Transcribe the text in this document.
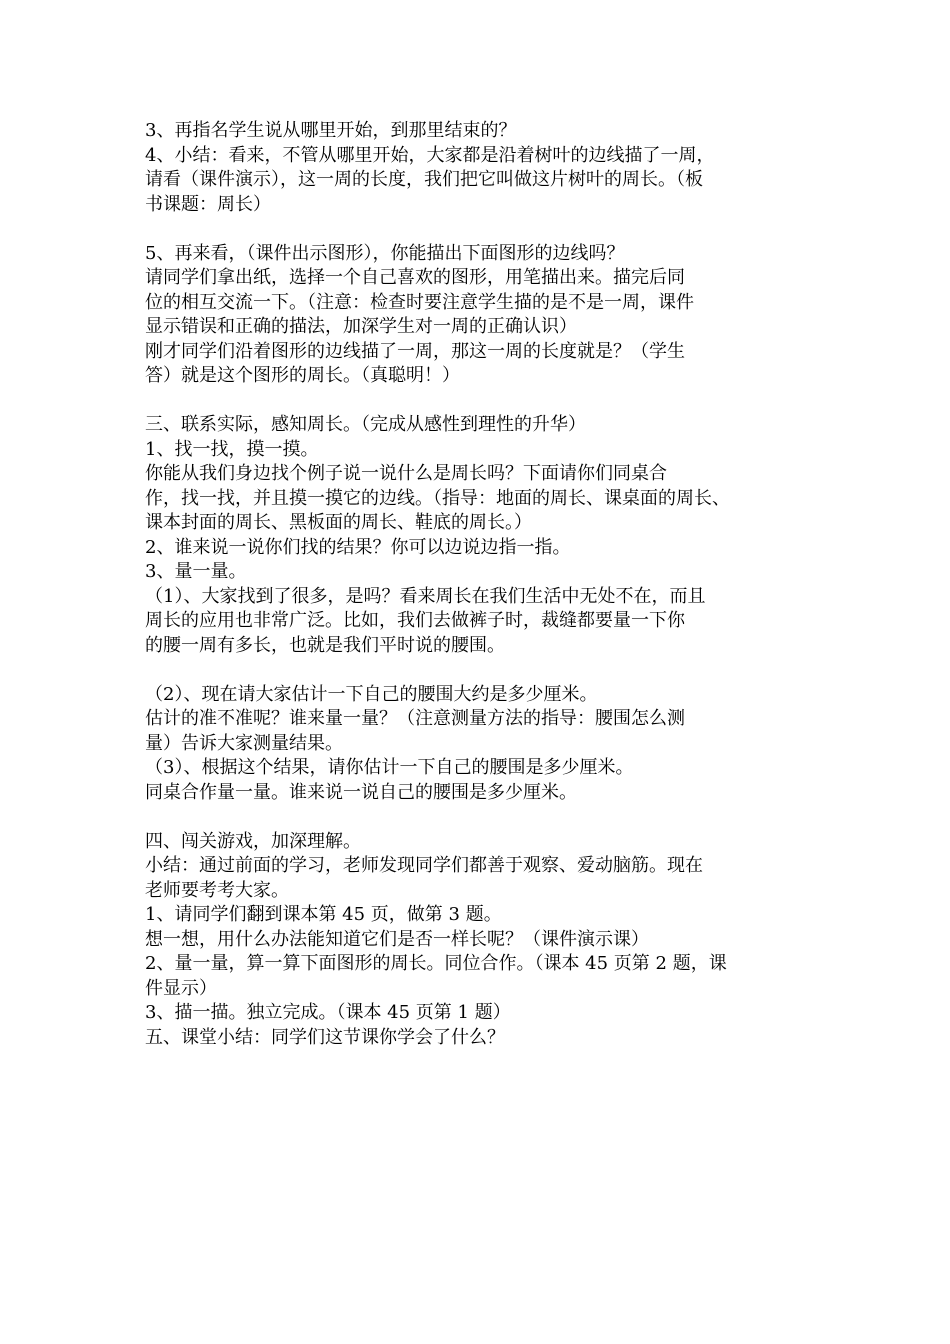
3、再指名学生说从哪里开始，到那里结束的？
4、小结：看来，不管从哪里开始，大家都是沿着树叶的边线描了一周，
请看（课件演示），这一周的长度，我们把它叫做这片树叶的周长。（板
书课题：周长）
5、再来看，（课件出示图形），你能描出下面图形的边线吗？
请同学们拿出纸，选择一个自己喜欢的图形，用笔描出来。描完后同
位的相互交流一下。（注意：检查时要注意学生描的是不是一周，课件
显示错误和正确的描法，加深学生对一周的正确认识）
刚才同学们沿着图形的边线描了一周，那这一周的长度就是？（学生
答）就是这个图形的周长。（真聪明！）
三、联系实际，感知周长。（完成从感性到理性的升华）
1、找一找，摸一摸。
你能从我们身边找个例子说一说什么是周长吗？下面请你们同桌合
作，找一找，并且摸一摸它的边线。（指导：地面的周长、课桌面的周长、
课本封面的周长、黑板面的周长、鞋底的周长。）
2、谁来说一说你们找的结果？你可以边说边指一指。
3、量一量。
（1）、大家找到了很多，是吗？看来周长在我们生活中无处不在，而且
周长的应用也非常广泛。比如，我们去做裤子时，裁缝都要量一下你
的腰一周有多长，也就是我们平时说的腰围。
（2）、现在请大家估计一下自己的腰围大约是多少厘米。
估计的准不准呢？谁来量一量？（注意测量方法的指导：腰围怎么测
量）告诉大家测量结果。
（3）、根据这个结果，请你估计一下自己的腰围是多少厘米。
同桌合作量一量。谁来说一说自己的腰围是多少厘米。
四、闯关游戏，加深理解。
小结：通过前面的学习，老师发现同学们都善于观察、爱动脑筋。现在
老师要考考大家。
1、请同学们翻到课本第 45 页，做第 3 题。
想一想，用什么办法能知道它们是否一样长呢？（课件演示课）
2、量一量，算一算下面图形的周长。同位合作。（课本 45 页第 2 题，课
件显示）
3、描一描。独立完成。（课本 45 页第 1 题）
五、课堂小结：同学们这节课你学会了什么？
